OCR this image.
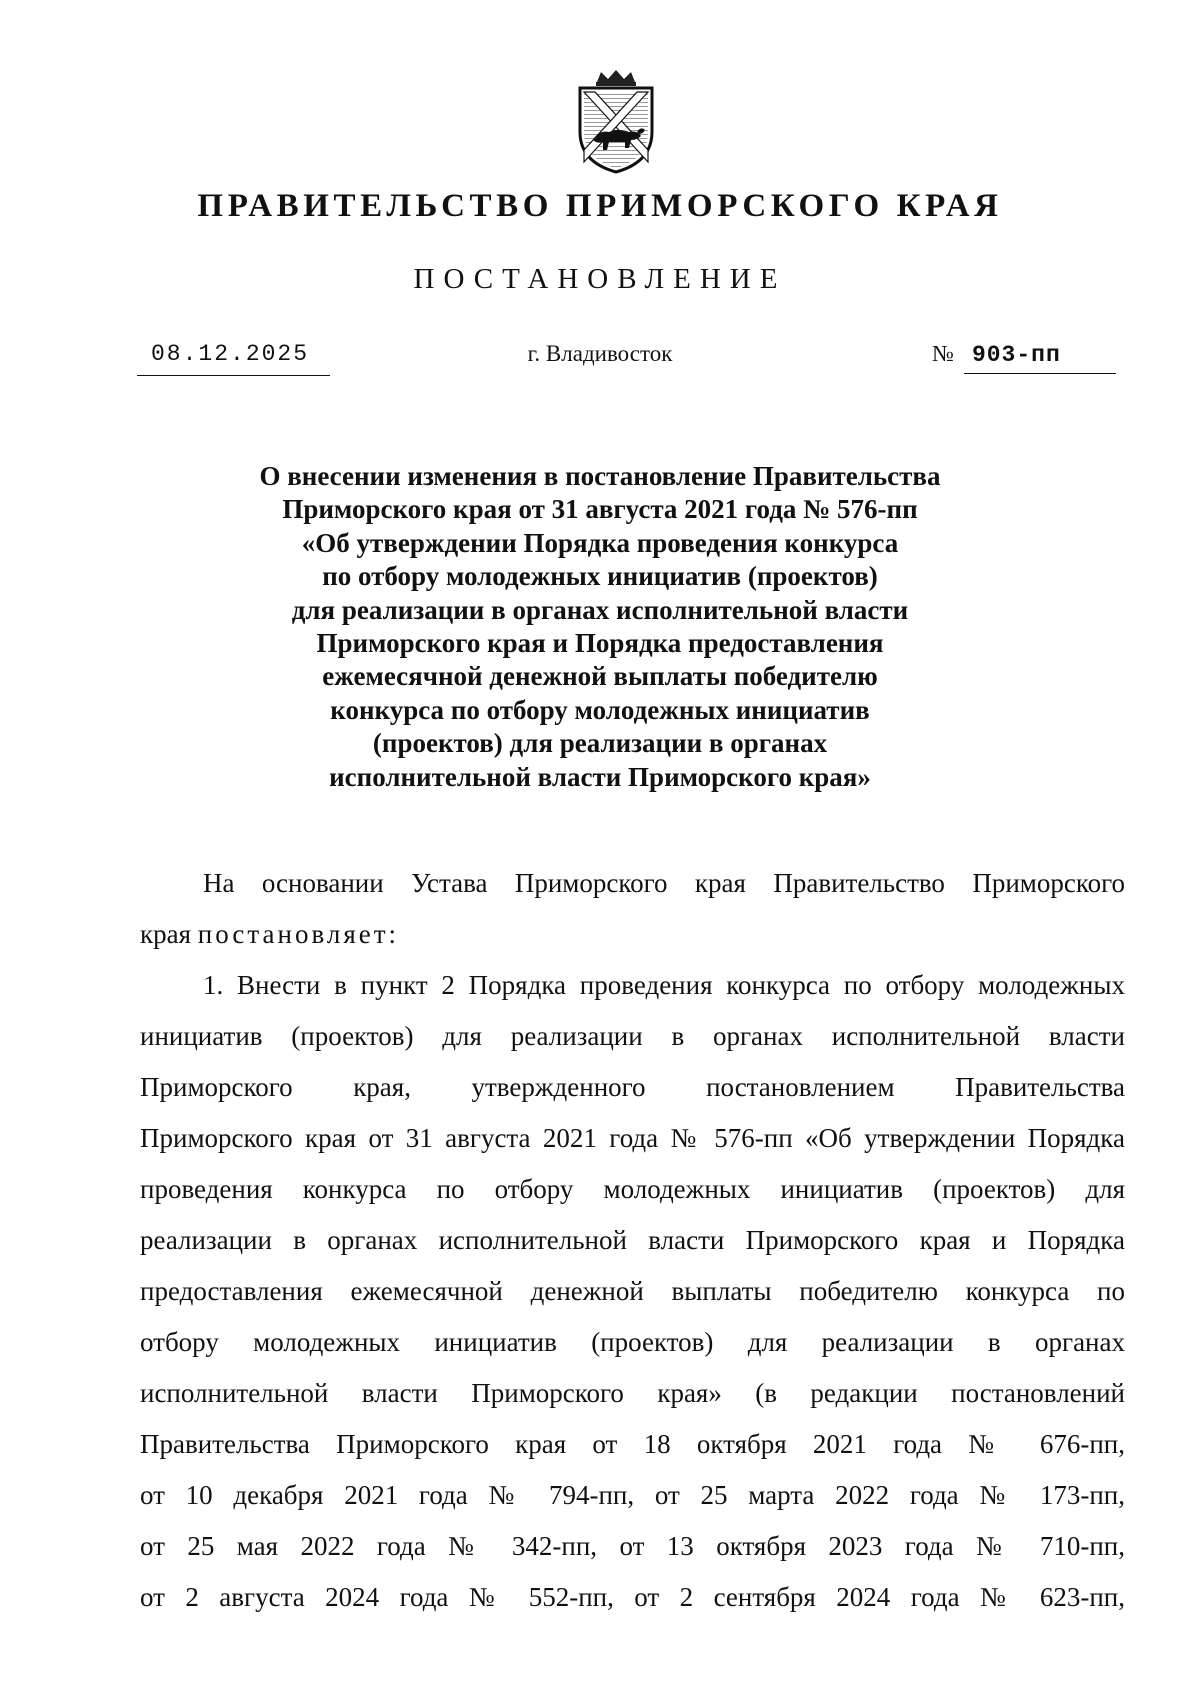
ПРАВИТЕЛЬСТВО ПРИМОРСКОГО КРАЯ
ПОСТАНОВЛЕНИЕ
08.12.2025	г. Владивосток	№ 903-пп
О внесении изменения в постановление Правительства
Приморского края от 31 августа 2021 года № 576-пп
«Об утверждении Порядка проведения конкурса
по отбору молодежных инициатив (проектов)
для реализации в органах исполнительной власти
Приморского края и Порядка предоставления
ежемесячной денежной выплаты победителю
конкурса по отбору молодежных инициатив
(проектов) для реализации в органах
исполнительной власти Приморского края»
На основании Устава Приморского края Правительство Приморского
края постановляет:
1. Внести в пункт 2 Порядка проведения конкурса по отбору молодежных
инициатив (проектов) для реализации в органах исполнительной власти
Приморского края, утвержденного постановлением Правительства
Приморского края от 31 августа 2021 года № 576-пп «Об утверждении Порядка
проведения конкурса по отбору молодежных инициатив (проектов) для
реализации в органах исполнительной власти Приморского края и Порядка
предоставления ежемесячной денежной выплаты победителю конкурса по
отбору молодежных инициатив (проектов) для реализации в органах
исполнительной власти Приморского края» (в редакции постановлений
Правительства Приморского края от 18 октября 2021 года № 676-пп,
от 10 декабря 2021 года № 794-пп, от 25 марта 2022 года № 173-пп,
от 25 мая 2022 года № 342-пп, от 13 октября 2023 года № 710-пп,
от 2 августа 2024 года № 552-пп, от 2 сентября 2024 года № 623-пп,
